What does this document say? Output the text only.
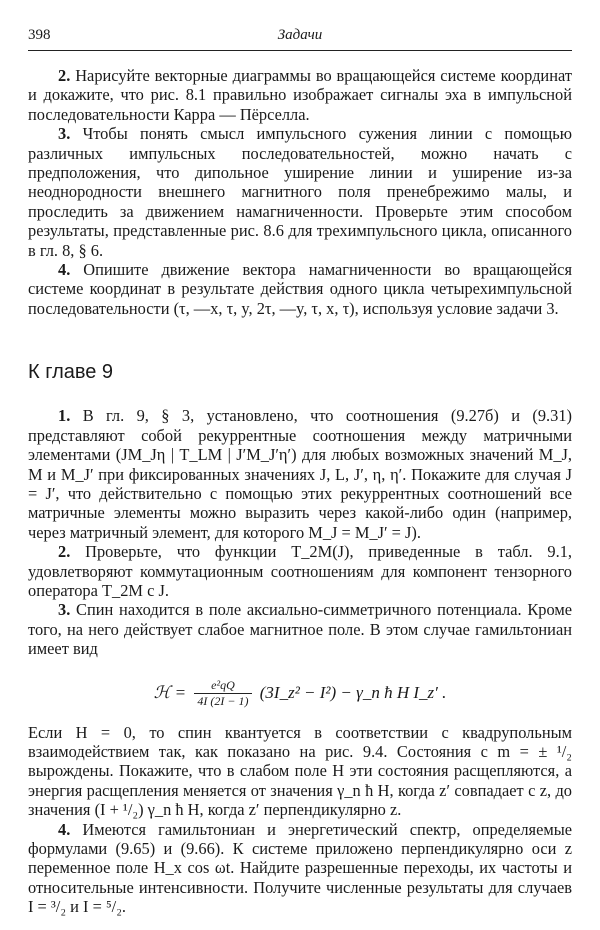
398	Задачи

2. Нарисуйте векторные диаграммы во вращающейся системе координат и докажите, что рис. 8.1 правильно изображает сигналы эха в импульсной последовательности Карра — Пёрселла.

3. Чтобы понять смысл импульсного сужения линии с помощью различных импульсных последовательностей, можно начать с предположения, что дипольное уширение линии и уширение из-за неоднородности внешнего магнитного поля пренебрежимо малы, и проследить за движением намагниченности. Проверьте этим способом результаты, представленные рис. 8.6 для трехимпульсного цикла, описанного в гл. 8, § 6.

4. Опишите движение вектора намагниченности во вращающейся системе координат в результате действия одного цикла четырехимпульсной последовательности (τ, —x, τ, y, 2τ, —y, τ, x, τ), используя условие задачи 3.

К главе 9

1. В гл. 9, § 3, установлено, что соотношения (9.27б) и (9.31) представляют собой рекуррентные соотношения между матричными элементами (JM_Jη | T_LM | J′M_J′η′) для любых возможных значений M_J, M и M_J′ при фиксированных значениях J, L, J′, η, η′. Покажите для случая J = J′, что действительно с помощью этих рекуррентных соотношений все матричные элементы можно выразить через какой-либо один (например, через матричный элемент, для которого M_J = M_J′ = J).

2. Проверьте, что функции T_2M(J), приведенные в табл. 9.1, удовлетворяют коммутационным соотношениям для компонент тензорного оператора T_2M с J.

3. Спин находится в поле аксиально-симметричного потенциала. Кроме того, на него действует слабое магнитное поле. В этом случае гамильтониан имеет вид

ℋ = $\frac{\text{e²qQ}}{4I (2I - 1)}$ (3I_z² − I²) − γ_n ħ H I_z′ .

Если H = 0, то спин квантуется в соответствии с квадрупольным взаимодействием так, как показано на рис. 9.4. Состояния с m = ± ¹/₂ вырождены. Покажите, что в слабом поле H эти состояния расщепляются, а энергия расщепления меняется от значения γ_n ħ H, когда z′ совпадает с z, до значения (I + ¹/₂) γ_n ħ H, когда z′ перпендикулярно z.

4. Имеются гамильтониан и энергетический спектр, определяемые формулами (9.65) и (9.66). К системе приложено перпендикулярно оси z переменное поле H_x cos ωt. Найдите разрешенные переходы, их частоты и относительные интенсивности. Получите численные результаты для случаев I = ³/₂ и I = ⁵/₂.
